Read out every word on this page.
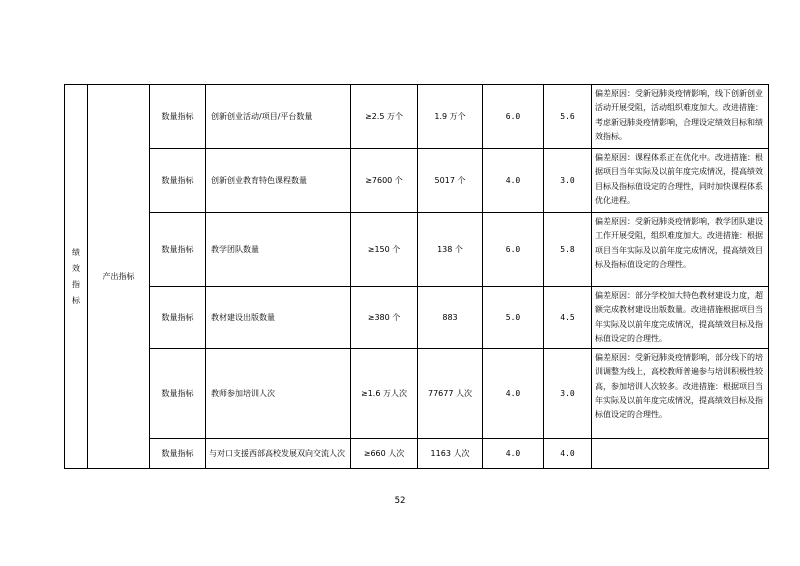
绩效指标	产出指标	数量指标	创新创业活动/项目/平台数量	≥2.5 万个	1.9 万个	6.0	5.6	偏差原因：受新冠肺炎疫情影响，线下创新创业活动开展受阻，活动组织难度加大。改进措施：考虑新冠肺炎疫情影响，合理设定绩效目标和绩效指标。
		数量指标	创新创业教育特色课程数量	≥7600 个	5017 个	4.0	3.0	偏差原因：课程体系正在优化中。改进措施：根据项目当年实际及以前年度完成情况，提高绩效目标及指标值设定的合理性，同时加快课程体系优化进程。
		数量指标	教学团队数量	≥150 个	138 个	6.0	5.8	偏差原因：受新冠肺炎疫情影响，教学团队建设工作开展受阻，组织难度加大。改进措施：根据项目当年实际及以前年度完成情况，提高绩效目标及指标值设定的合理性。
		数量指标	教材建设出版数量	≥380 个	883	5.0	4.5	偏差原因：部分学校加大特色教材建设力度，超额完成教材建设出版数量。改进措施根据项目当年实际及以前年度完成情况，提高绩效目标及指标值设定的合理性。
		数量指标	教师参加培训人次	≥1.6 万人次	77677 人次	4.0	3.0	偏差原因：受新冠肺炎疫情影响，部分线下的培训调整为线上，高校教师普遍参与培训积极性较高，参加培训人次较多。改进措施：根据项目当年实际及以前年度完成情况，提高绩效目标及指标值设定的合理性。
		数量指标	与对口支援西部高校发展双向交流人次	≥660 人次	1163 人次	4.0	4.0	
52
